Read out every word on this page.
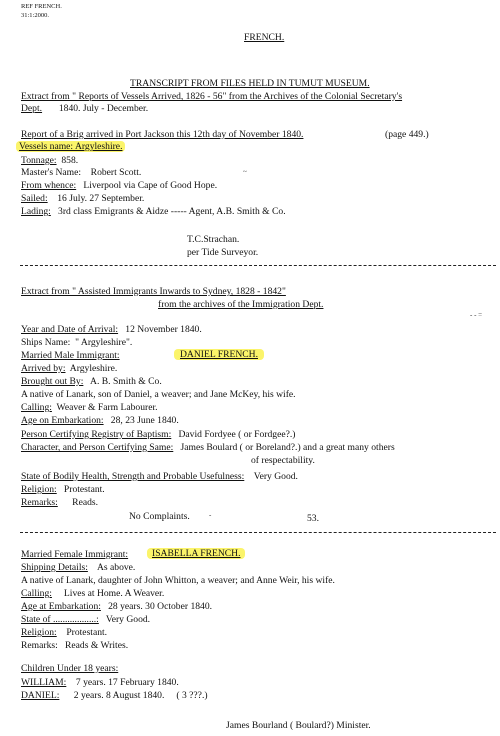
REF FRENCH.
31:1:2000.
FRENCH.
TRANSCRIPT FROM FILES HELD IN TUMUT MUSEUM.
Extract from " Reports of Vessels Arrived, 1826 - 56" from the Archives of the Colonial Secretary's
Dept. 1840. July - December.
Report of a Brig arrived in Port Jackson this 12th day of November 1840.	(page 449.)
Vessels name: Argyleshire.
Tonnage: 858.
Master's Name: Robert Scott.	~
From whence: Liverpool via Cape of Good Hope.
Sailed: 16 July. 27 September.
Lading: 3rd class Emigrants & Aidze ----- Agent, A.B. Smith & Co.
T.C.Strachan.
per Tide Surveyor.
Extract from " Assisted Immigrants Inwards to Sydney, 1828 - 1842"
from the archives of the Immigration Dept.
- - =
Year and Date of Arrival: 12 November 1840.
Ships Name: " Argyleshire".
Married Male Immigrant:	DANIEL FRENCH.
Arrived by: Argyleshire.
Brought out By: A. B. Smith & Co.
A native of Lanark, son of Daniel, a weaver; and Jane McKey, his wife.
Calling: Weaver & Farm Labourer.
Age on Embarkation: 28, 23 June 1840.
Person Certifying Registry of Baptism: David Fordyee ( or Fordgee?.)
Character, and Person Certifying Same: James Boulard ( or Boreland?.) and a great many others
of respectability.
State of Bodily Health, Strength and Probable Usefulness: Very Good.
Religion: Protestant.
Remarks: Reads.
No Complaints.	-	53.
Married Female Immigrant:	ISABELLA FRENCH.
Shipping Details: As above.
A native of Lanark, daughter of John Whitton, a weaver; and Anne Weir, his wife.
Calling: Lives at Home. A Weaver.
Age at Embarkation: 28 years. 30 October 1840.
State of ..................: Very Good.
Religion: Protestant.
Remarks: Reads & Writes.
Children Under 18 years:
WILLIAM: 7 years. 17 February 1840.
DANIEL: 2 years. 8 August 1840. ( 3 ???.)
James Bourland ( Boulard?) Minister.
